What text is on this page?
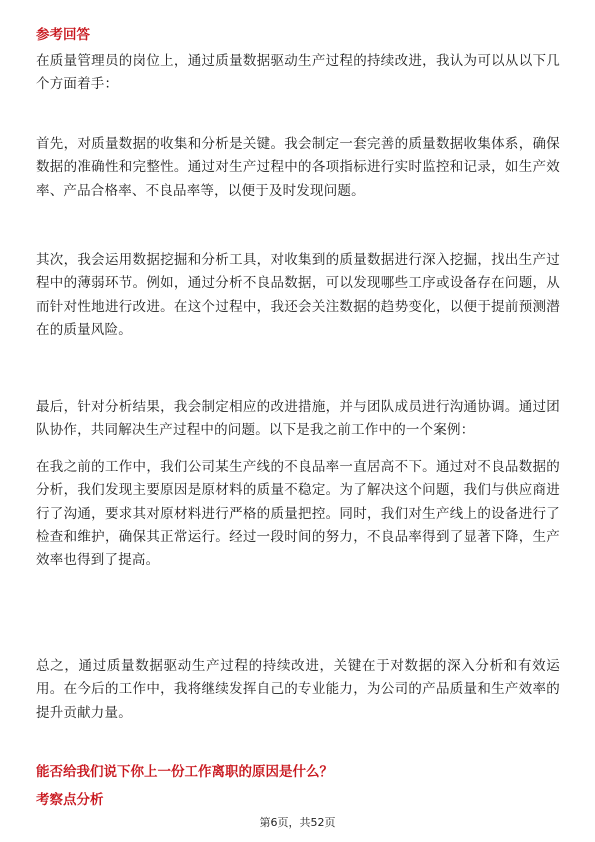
参考回答
在质量管理员的岗位上，通过质量数据驱动生产过程的持续改进，我认为可以从以下几个方面着手：
首先，对质量数据的收集和分析是关键。我会制定一套完善的质量数据收集体系，确保数据的准确性和完整性。通过对生产过程中的各项指标进行实时监控和记录，如生产效率、产品合格率、不良品率等，以便于及时发现问题。
其次，我会运用数据挖掘和分析工具，对收集到的质量数据进行深入挖掘，找出生产过程中的薄弱环节。例如，通过分析不良品数据，可以发现哪些工序或设备存在问题，从而针对性地进行改进。在这个过程中，我还会关注数据的趋势变化，以便于提前预测潜在的质量风险。
最后，针对分析结果，我会制定相应的改进措施，并与团队成员进行沟通协调。通过团队协作，共同解决生产过程中的问题。以下是我之前工作中的一个案例：
在我之前的工作中，我们公司某生产线的不良品率一直居高不下。通过对不良品数据的分析，我们发现主要原因是原材料的质量不稳定。为了解决这个问题，我们与供应商进行了沟通，要求其对原材料进行严格的质量把控。同时，我们对生产线上的设备进行了检查和维护，确保其正常运行。经过一段时间的努力，不良品率得到了显著下降，生产效率也得到了提高。
总之，通过质量数据驱动生产过程的持续改进，关键在于对数据的深入分析和有效运用。在今后的工作中，我将继续发挥自己的专业能力，为公司的产品质量和生产效率的提升贡献力量。
能否给我们说下你上一份工作离职的原因是什么？
考察点分析
第6页，共52页
